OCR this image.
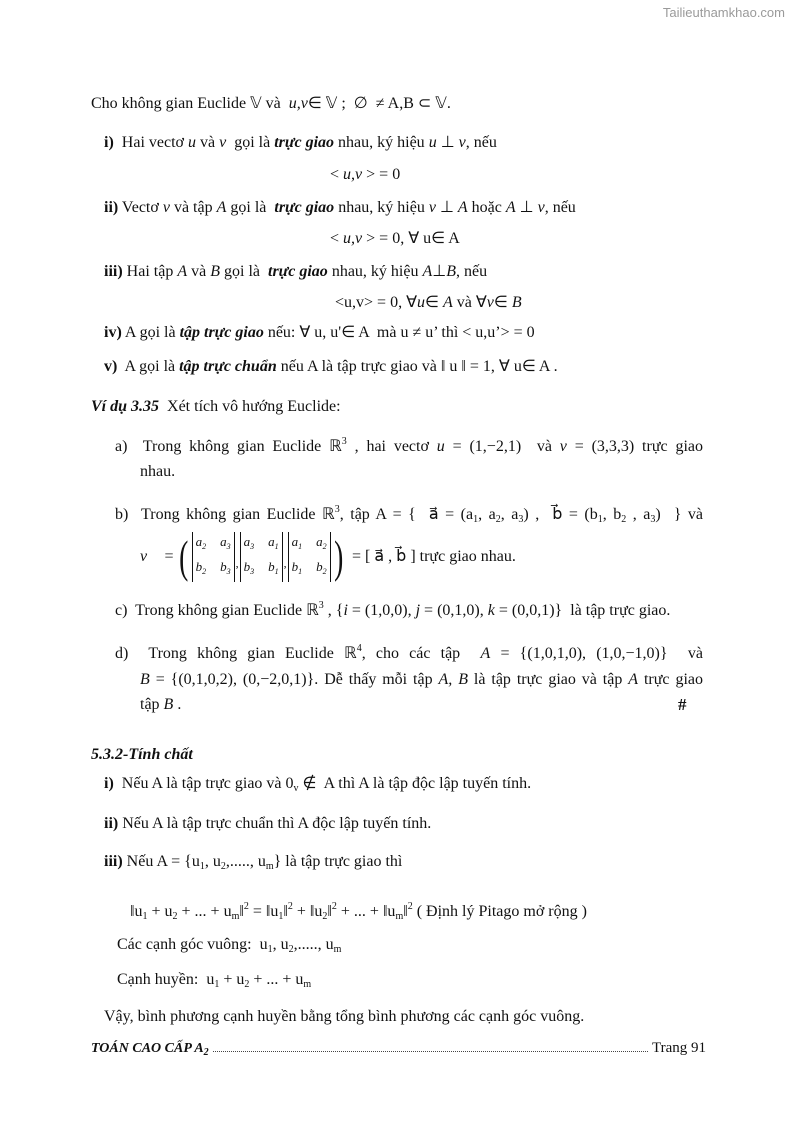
Tailieuthamkhao.com
Cho không gian Euclide 𝕍 và  u,v∈ 𝕍 ;  ∅  ≠ A,B ⊂ 𝕍.
i)  Hai vectơ u và v  gọi là trực giao nhau, ký hiệu u ⊥ v, nếu
< u,v > = 0
ii) Vectơ v và tập A gọi là  trực giao nhau, ký hiệu v ⊥ A hoặc A ⊥ v, nếu
< u,v > = 0, ∀ u∈ A
iii) Hai tập A và B gọi là  trực giao nhau, ký hiệu A⊥B, nếu
<u,v> = 0, ∀u∈ A và ∀v∈ B
iv) A gọi là tập trực giao nếu: ∀ u, u'∈ A  mà u ≠ u’ thì < u,u’> = 0
v)  A gọi là tập trực chuẩn nếu A là tập trực giao và ‖ u ‖ = 1, ∀ u∈ A .
Ví dụ 3.35  Xét tích vô hướng Euclide:
a)  Trong không gian Euclide ℝ$^3$ , hai vectơ u = (1,−2,1)  và v = (3,3,3) trực giao
nhau.
b)  Trong không gian Euclide ℝ$^3$, tập A = {  a⃗ = ($a_1$, $a_2$, $a_3$) ,  b⃗ = ($b_1$, $b_2$ , $a_3$)  } và
v⃗ = ( $a_2$ $a_3$
$b_2$ $b_3$
,
$a_3$ $a_1$
$b_3$ $b_1$
,
$a_1$ $a_2$
$b_1$ $b_2$ ) = [ a⃗ , b⃗ ] trực giao nhau.
c)  Trong không gian Euclide ℝ$^3$ , {i = (1,0,0), j = (0,1,0), k = (0,0,1)}  là tập trực giao.
d)  Trong không gian Euclide ℝ$^4$, cho các tập  A = {(1,0,1,0), (1,0,−1,0)}  và
B = {(0,1,0,2), (0,−2,0,1)}. Dễ thấy mỗi tập A, B là tập trực giao và tập A trực giao
tập B .	#
5.3.2-Tính chất
i)  Nếu A là tập trực giao và $0_v$ ∉  A thì A là tập độc lập tuyến tính.
ii) Nếu A là tập trực chuẩn thì A độc lập tuyến tính.
iii) Nếu $A = \{u_1$, $u_2$,....., $u_m$} là tập trực giao thì
$‖u_1 + u_2$ + ... + $u_m‖^2$ = $‖u_1‖^2$ + $‖u_2‖^2$ + ... + $‖u_m‖^2$ ( Định lý Pitago mở rộng )
Các cạnh góc vuông:  $u_1$, $u_2$,....., $u_m$
Cạnh huyền:  $u_1 + u_2$ + ... + $u_m$
Vậy, bình phương cạnh huyền bằng tổng bình phương các cạnh góc vuông.
TOÁN CAO CẤP $A_2$	Trang 91
